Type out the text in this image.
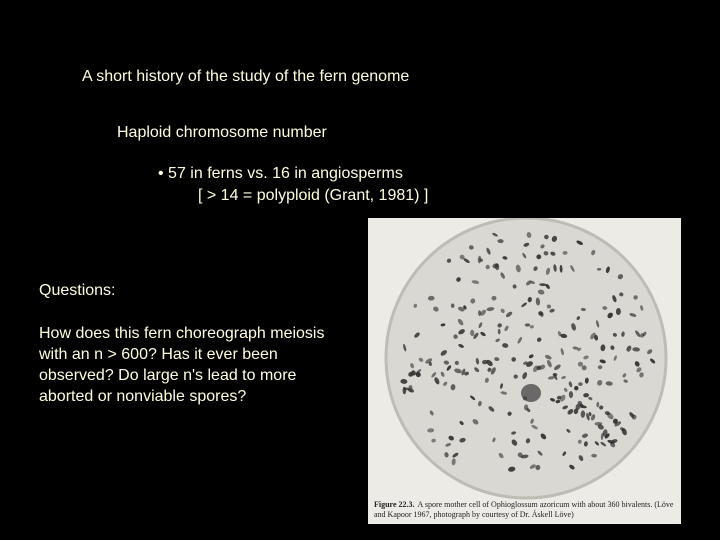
A short history of the study of the fern genome
Haploid chromosome number
• 57 in ferns vs. 16 in angiosperms
[ > 14 = polyploid (Grant, 1981) ]
Questions:
How does this fern choreograph meiosis with an n > 600? Has it ever been observed? Do large n's lead to more aborted or nonviable spores?
Figure 22.3. A spore mother cell of Ophioglossum azoricum with about 360 bivalents. (Löve and Kapoor 1967, photograph by courtesy of Dr. Áskell Löve)
